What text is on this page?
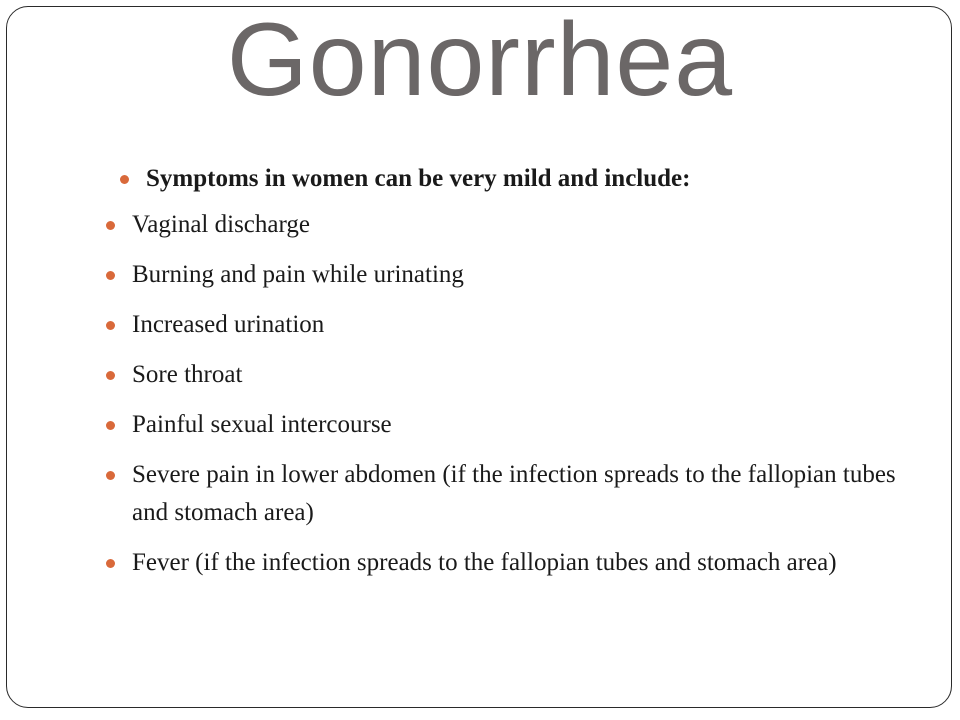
Gonorrhea
Symptoms in women can be very mild and include:
Vaginal discharge
Burning and pain while urinating
Increased urination
Sore throat
Painful sexual intercourse
Severe pain in lower abdomen (if the infection spreads to the fallopian tubes and stomach area)
Fever (if the infection spreads to the fallopian tubes and stomach area)
